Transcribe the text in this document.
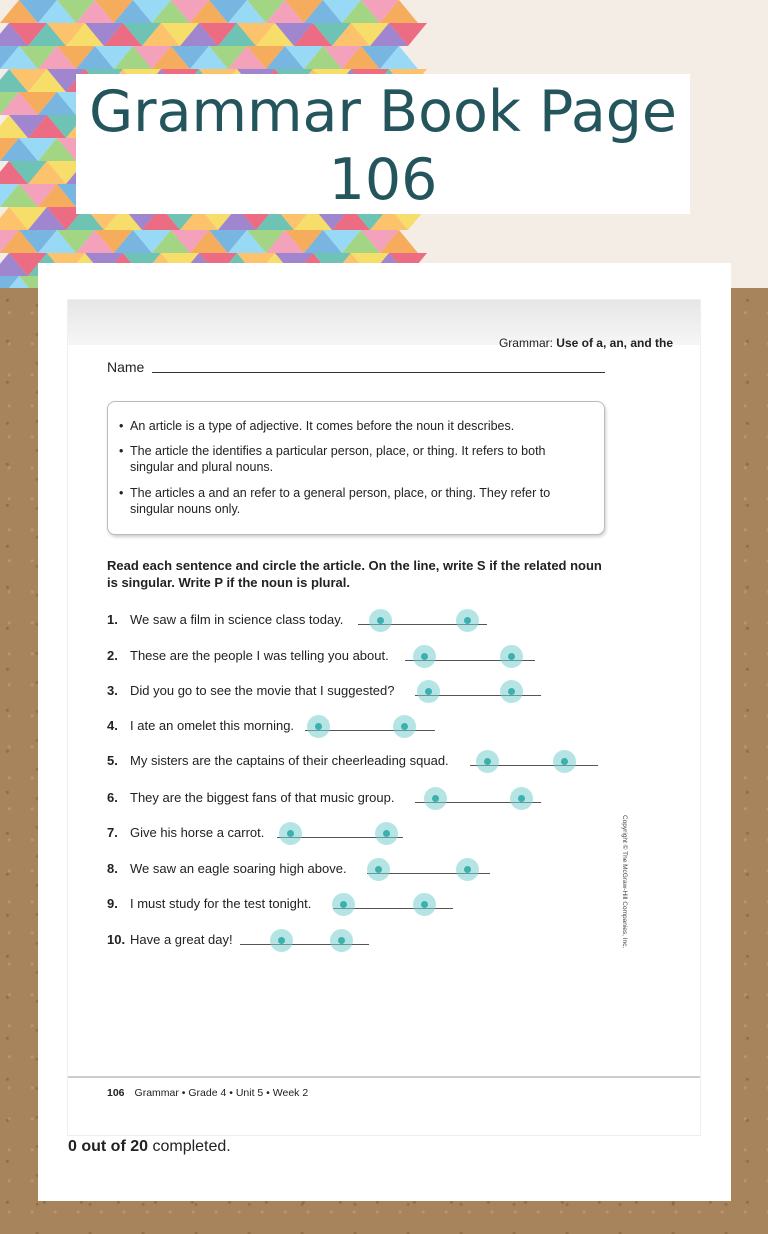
Grammar Book Page 106
Grammar: Use of a, an, and the
Name
• An article is a type of adjective. It comes before the noun it describes.
• The article the identifies a particular person, place, or thing. It refers to both singular and plural nouns.
• The articles a and an refer to a general person, place, or thing. They refer to singular nouns only.
Read each sentence and circle the article. On the line, write S if the related noun is singular. Write P if the noun is plural.
1. We saw a film in science class today.
2. These are the people I was telling you about.
3. Did you go to see the movie that I suggested?
4. I ate an omelet this morning.
5. My sisters are the captains of their cheerleading squad.
6. They are the biggest fans of that music group.
7. Give his horse a carrot.
8. We saw an eagle soaring high above.
9. I must study for the test tonight.
10. Have a great day!	Copyright © The McGraw-Hill Companies, Inc.
106 Grammar • Grade 4 • Unit 5 • Week 2
0 out of 20 completed.
